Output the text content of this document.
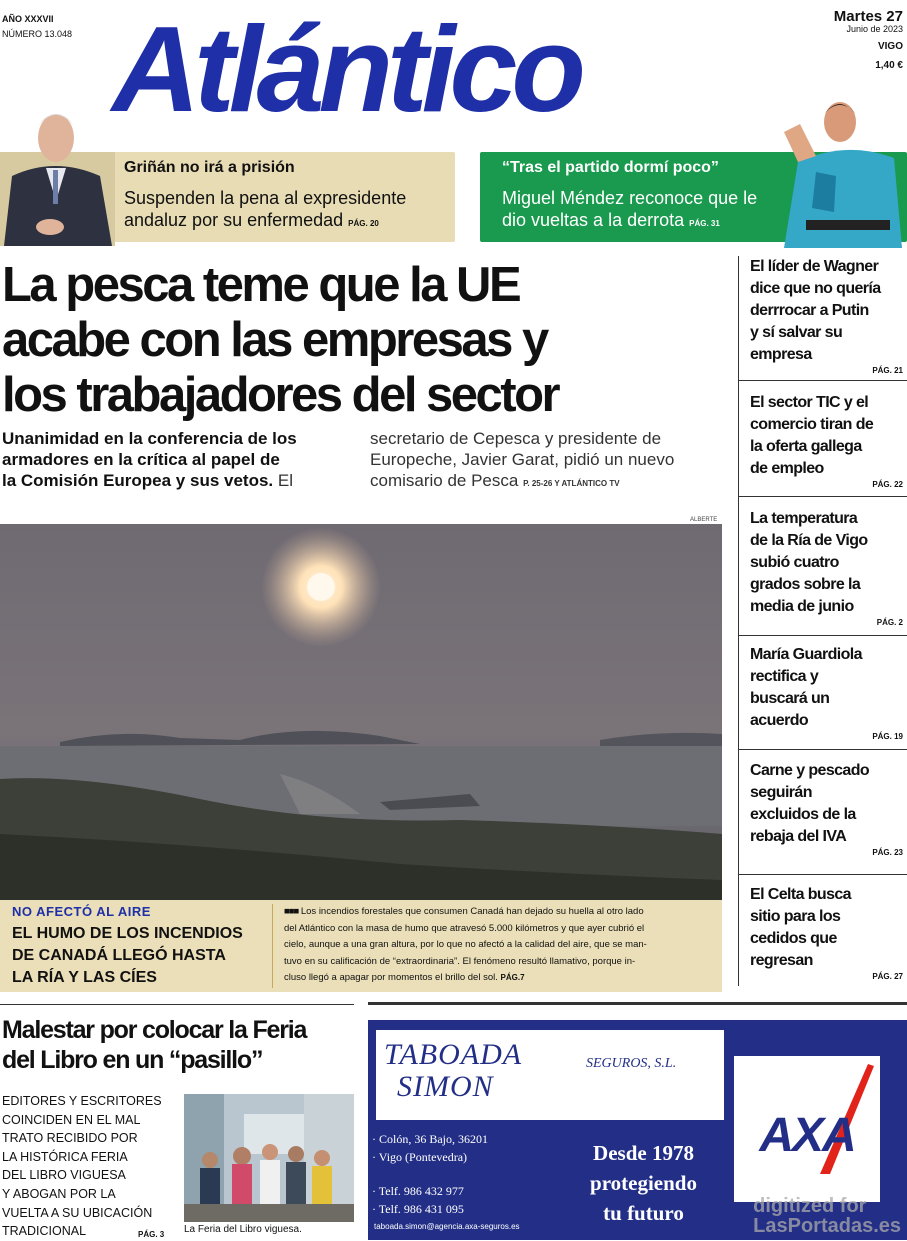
AÑO XXXVII
NÚMERO 13.048 Atlántico	Martes 27
Junio de 2023
VIGO
1,40 €
Griñán no irá a prisión
Suspenden la pena al expresidente
andaluz por su enfermedad PÁG. 20
“Tras el partido dormí poco”
Miguel Méndez reconoce que le
dio vueltas a la derrota PÁG. 31
La pesca teme que la UE
acabe con las empresas y
los trabajadores del sector
Unanimidad en la conferencia de los
armadores en la crítica al papel de
la Comisión Europea y sus vetos. El
secretario de Cepesca y presidente de
Europeche, Javier Garat, pidió un nuevo
comisario de Pesca P. 25-26 Y ATLÁNTICO TV
ALBERTE
NO AFECTÓ AL AIRE
EL HUMO DE LOS INCENDIOS
DE CANADÁ LLEGÓ HASTA
LA RÍA Y LAS CÍES
■■■ Los incendios forestales que consumen Canadá han dejado su huella al otro lado
del Atlántico con la masa de humo que atravesó 5.000 kilómetros y que ayer cubrió el
cielo, aunque a una gran altura, por lo que no afectó a la calidad del aire, que se man-
tuvo en su calificación de “extraordinaria”. El fenómeno resultó llamativo, porque in-
cluso llegó a apagar por momentos el brillo del sol. PÁG.7
El líder de Wagner
dice que no quería
derrrocar a Putin
y sí salvar su
empresa
PÁG. 21
El sector TIC y el
comercio tiran de
la oferta gallega
de empleo
PÁG. 22
La temperatura
de la Ría de Vigo
subió cuatro
grados sobre la
media de junio
PÁG. 2
María Guardiola
rectifica y
buscará un
acuerdo
PÁG. 19
Carne y pescado
seguirán
excluidos de la
rebaja del IVA
PÁG. 23
El Celta busca
sitio para los
cedidos que
regresan
PÁG. 27
Malestar por colocar la Feria
del Libro en un “pasillo”
EDITORES Y ESCRITORES
COINCIDEN EN EL MAL
TRATO RECIBIDO POR
LA HISTÓRICA FERIA
DEL LIBRO VIGUESA
Y ABOGAN POR LA
VUELTA A SU UBICACIÓN
TRADICIONAL	PÁG. 3 La Feria del Libro viguesa.
TABOADA	SEGUROS, S.L.
SIMON
· Colón, 36 Bajo, 36201
· Vigo (Pontevedra)
· Telf. 986 432 977
· Telf. 986 431 095
Desde 1978
protegiendo
tu futuro
taboada.simon@agencia.axa-seguros.es
AXA
digitized for
LasPortadas.es
